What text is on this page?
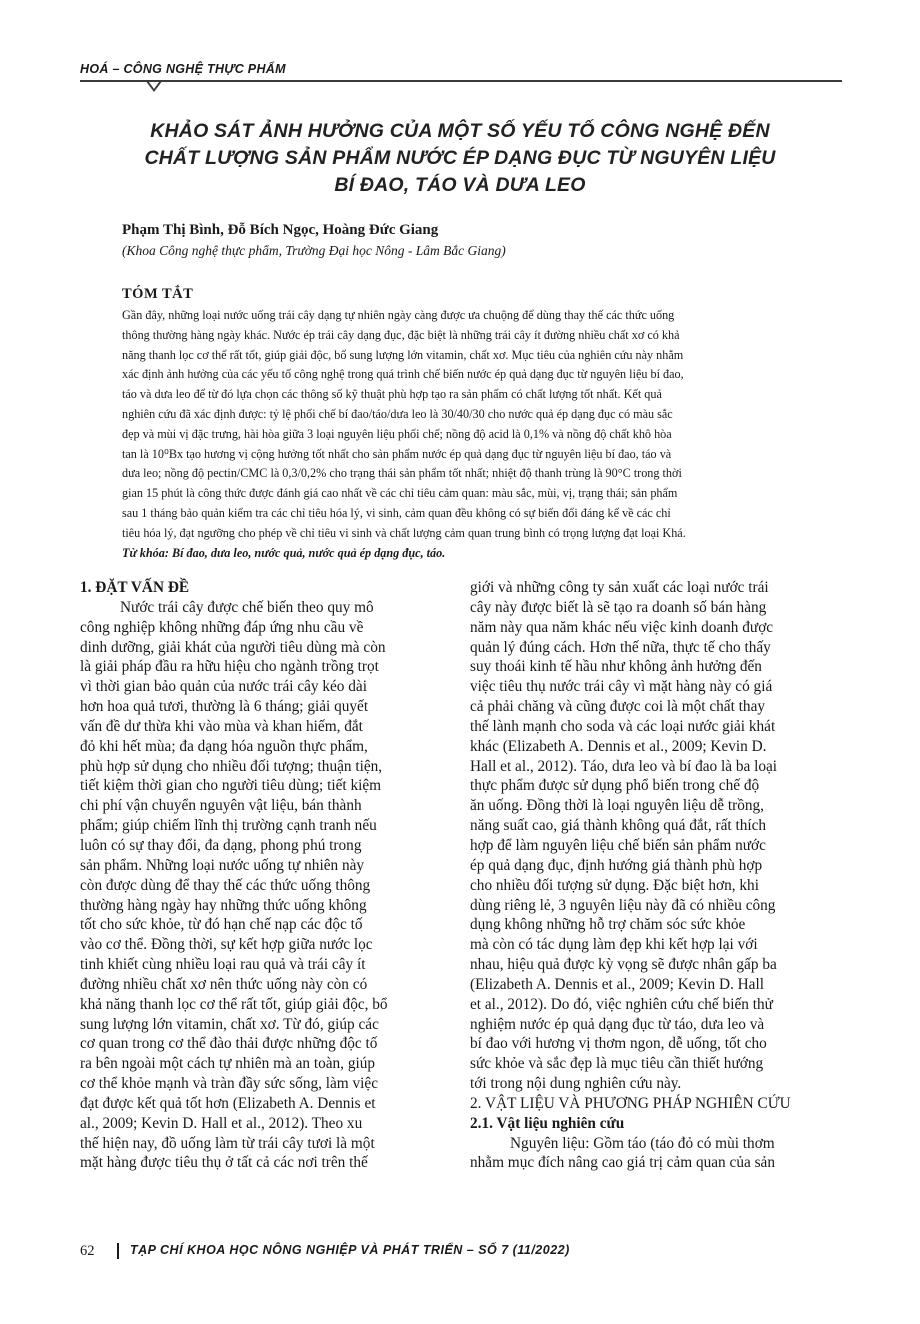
HOÁ – CÔNG NGHỆ THỰC PHẨM
KHẢO SÁT ẢNH HƯỞNG CỦA MỘT SỐ YẾU TỐ CÔNG NGHỆ ĐẾN
CHẤT LƯỢNG SẢN PHẨM NƯỚC ÉP DẠNG ĐỤC TỪ NGUYÊN LIỆU
BÍ ĐAO, TÁO VÀ DƯA LEO
Phạm Thị Bình, Đỗ Bích Ngọc, Hoàng Đức Giang
(Khoa Công nghệ thực phẩm, Trường Đại học Nông - Lâm Bắc Giang)
TÓM TẮT
Gần đây, những loại nước uống trái cây dạng tự nhiên ngày càng được ưa chuộng để dùng thay thế các thức uống
thông thường hàng ngày khác. Nước ép trái cây dạng đục, đặc biệt là những trái cây ít đường nhiều chất xơ có khả
năng thanh lọc cơ thể rất tốt, giúp giải độc, bổ sung lượng lớn vitamin, chất xơ. Mục tiêu của nghiên cứu này nhằm
xác định ảnh hưởng của các yếu tố công nghệ trong quá trình chế biến nước ép quả dạng đục từ nguyên liệu bí đao,
táo và dưa leo để từ đó lựa chọn các thông số kỹ thuật phù hợp tạo ra sản phẩm có chất lượng tốt nhất. Kết quả
nghiên cứu đã xác định được: tỷ lệ phối chế bí đao/táo/dưa leo là 30/40/30 cho nước quả ép dạng đục có màu sắc
đẹp và mùi vị đặc trưng, hài hòa giữa 3 loại nguyên liệu phối chế; nồng độ acid là 0,1% và nồng độ chất khô hòa
tan là 10⁰Bx tạo hương vị cộng hưởng tốt nhất cho sản phẩm nước ép quả dạng đục từ nguyên liệu bí đao, táo và
dưa leo; nồng độ pectin/CMC là 0,3/0,2% cho trạng thái sản phẩm tốt nhất; nhiệt độ thanh trùng là 90°C trong thời
gian 15 phút là công thức được đánh giá cao nhất về các chỉ tiêu cảm quan: màu sắc, mùi, vị, trạng thái; sản phẩm
sau 1 tháng bảo quản kiểm tra các chỉ tiêu hóa lý, vi sinh, cảm quan đều không có sự biến đổi đáng kể về các chỉ
tiêu hóa lý, đạt ngưỡng cho phép về chỉ tiêu vi sinh và chất lượng cảm quan trung bình có trọng lượng đạt loại Khá.
Từ khóa: Bí đao, dưa leo, nước quả, nước quả ép dạng đục, táo.
1. ĐẶT VẤN ĐỀ
Nước trái cây được chế biến theo quy mô
công nghiệp không những đáp ứng nhu cầu về
dinh dưỡng, giải khát của người tiêu dùng mà còn
là giải pháp đầu ra hữu hiệu cho ngành trồng trọt
vì thời gian bảo quản của nước trái cây kéo dài
hơn hoa quả tươi, thường là 6 tháng; giải quyết
vấn đề dư thừa khi vào mùa và khan hiếm, đắt
đỏ khi hết mùa; đa dạng hóa nguồn thực phẩm,
phù hợp sử dụng cho nhiều đối tượng; thuận tiện,
tiết kiệm thời gian cho người tiêu dùng; tiết kiệm
chi phí vận chuyển nguyên vật liệu, bán thành
phẩm; giúp chiếm lĩnh thị trường cạnh tranh nếu
luôn có sự thay đổi, đa dạng, phong phú trong
sản phẩm. Những loại nước uống tự nhiên này
còn được dùng để thay thế các thức uống thông
thường hàng ngày hay những thức uống không
tốt cho sức khỏe, từ đó hạn chế nạp các độc tố
vào cơ thể. Đồng thời, sự kết hợp giữa nước lọc
tinh khiết cùng nhiều loại rau quả và trái cây ít
đường nhiều chất xơ nên thức uống này còn có
khả năng thanh lọc cơ thể rất tốt, giúp giải độc, bổ
sung lượng lớn vitamin, chất xơ. Từ đó, giúp các
cơ quan trong cơ thể đào thải được những độc tố
ra bên ngoài một cách tự nhiên mà an toàn, giúp
cơ thể khỏe mạnh và tràn đầy sức sống, làm việc
đạt được kết quả tốt hơn (Elizabeth A. Dennis et
al., 2009; Kevin D. Hall et al., 2012). Theo xu
thế hiện nay, đồ uống làm từ trái cây tươi là một
mặt hàng được tiêu thụ ở tất cả các nơi trên thế
giới và những công ty sản xuất các loại nước trái
cây này được biết là sẽ tạo ra doanh số bán hàng
năm này qua năm khác nếu việc kinh doanh được
quản lý đúng cách. Hơn thế nữa, thực tế cho thấy
suy thoái kinh tế hầu như không ảnh hưởng đến
việc tiêu thụ nước trái cây vì mặt hàng này có giá
cả phải chăng và cũng được coi là một chất thay
thế lành mạnh cho soda và các loại nước giải khát
khác (Elizabeth A. Dennis et al., 2009; Kevin D.
Hall et al., 2012). Táo, dưa leo và bí đao là ba loại
thực phẩm được sử dụng phổ biến trong chế độ
ăn uống. Đồng thời là loại nguyên liệu dễ trồng,
năng suất cao, giá thành không quá đắt, rất thích
hợp để làm nguyên liệu chế biến sản phẩm nước
ép quả dạng đục, định hướng giá thành phù hợp
cho nhiều đối tượng sử dụng. Đặc biệt hơn, khi
dùng riêng lẻ, 3 nguyên liệu này đã có nhiều công
dụng không những hỗ trợ chăm sóc sức khỏe
mà còn có tác dụng làm đẹp khi kết hợp lại với
nhau, hiệu quả được kỳ vọng sẽ được nhân gấp ba
(Elizabeth A. Dennis et al., 2009; Kevin D. Hall
et al., 2012). Do đó, việc nghiên cứu chế biến thử
nghiệm nước ép quả dạng đục từ táo, dưa leo và
bí đao với hương vị thơm ngon, dễ uống, tốt cho
sức khỏe và sắc đẹp là mục tiêu cần thiết hướng
tới trong nội dung nghiên cứu này.
2. VẬT LIỆU VÀ PHƯƠNG PHÁP NGHIÊN CỨU
2.1. Vật liệu nghiên cứu
Nguyên liệu: Gồm táo (táo đỏ có mùi thơm
nhằm mục đích nâng cao giá trị cảm quan của sản
62	TẠP CHÍ KHOA HỌC NÔNG NGHIỆP VÀ PHÁT TRIỂN – SỐ 7 (11/2022)
